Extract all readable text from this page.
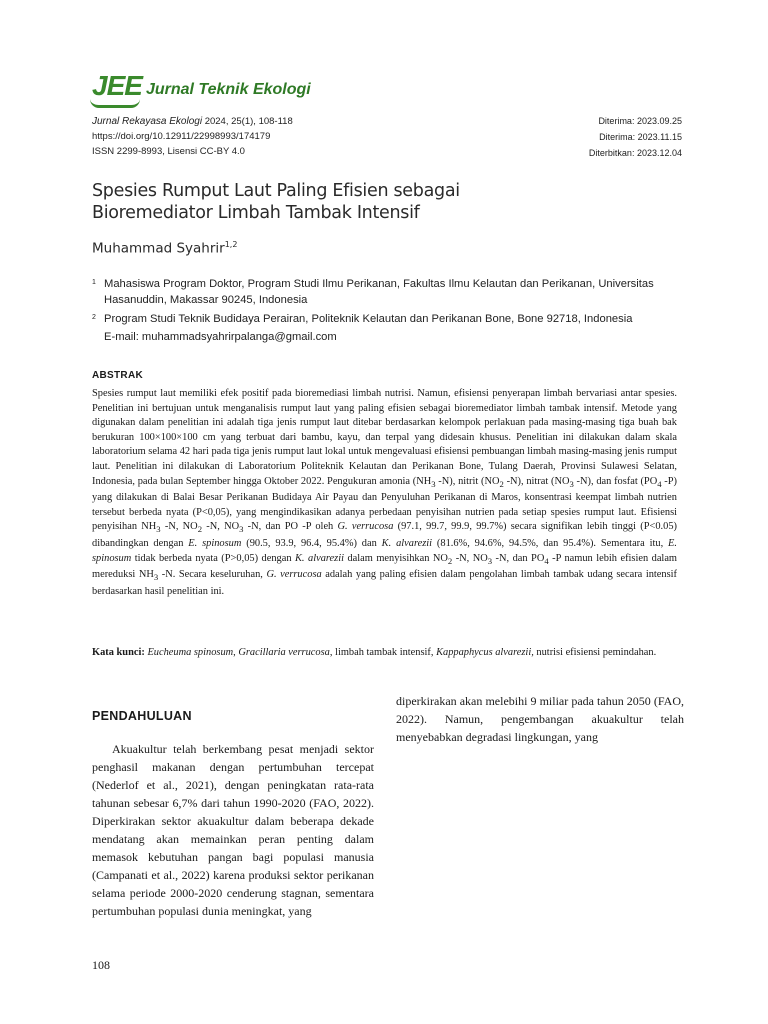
JEE Jurnal Teknik Ekologi
Jurnal Rekayasa Ekologi 2024, 25(1), 108-118
https://doi.org/10.12911/22998993/174179
ISSN 2299-8993, Lisensi CC-BY 4.0
Diterima: 2023.09.25
Diterima: 2023.11.15
Diterbitkan: 2023.12.04
Spesies Rumput Laut Paling Efisien sebagai
Bioremediator Limbah Tambak Intensif
Muhammad Syahrir$^{1,2}$
1 Mahasiswa Program Doktor, Program Studi Ilmu Perikanan, Fakultas Ilmu Kelautan dan Perikanan, Universitas Hasanuddin, Makassar 90245, Indonesia
2 Program Studi Teknik Budidaya Perairan, Politeknik Kelautan dan Perikanan Bone, Bone 92718, Indonesia
E-mail: muhammadsyahrirpalanga@gmail.com
ABSTRAK

Spesies rumput laut memiliki efek positif pada bioremediasi limbah nutrisi. Namun, efisiensi penyerapan limbah bervariasi antar spesies. Penelitian ini bertujuan untuk menganalisis rumput laut yang paling efisien sebagai bioremediator limbah tambak intensif. Metode yang digunakan dalam penelitian ini adalah tiga jenis rumput laut ditebar berdasarkan kelompok perlakuan pada masing-masing tiga buah bak berukuran 100×100×100 cm yang terbuat dari bambu, kayu, dan terpal yang didesain khusus. Penelitian ini dilakukan dalam skala laboratorium selama 42 hari pada tiga jenis rumput laut lokal untuk mengevaluasi efisiensi pembuangan limbah masing-masing jenis rumput laut. Penelitian ini dilakukan di Laboratorium Politeknik Kelautan dan Perikanan Bone, Tulang Daerah, Provinsi Sulawesi Selatan, Indonesia, pada bulan September hingga Oktober 2022. Pengukuran amonia ($NH_3$ -N), nitrit ($NO_2$ -N), nitrat ($NO_3$ -N), dan fosfat ($PO_4$ -P) yang dilakukan di Balai Besar Perikanan Budidaya Air Payau dan Penyuluhan Perikanan di Maros, konsentrasi keempat limbah nutrien tersebut berbeda nyata (P<0,05), yang mengindikasikan adanya perbedaan penyisihan nutrien pada setiap spesies rumput laut. Efisiensi penyisihan $NH_3$ -N, $NO_2$ -N, $NO_3$ -N, dan PO -P oleh G. verrucosa (97.1, 99.7, 99.9, 99.7%) secara signifikan lebih tinggi (P<0.05) dibandingkan dengan E. spinosum (90.5, 93.9, 96.4, 95.4%) dan K. alvarezii (81.6%, 94.6%, 94.5%, dan 95.4%). Sementara itu, E. spinosum tidak berbeda nyata (P>0,05) dengan K. alvarezii dalam menyisihkan $NO_2$ -N, $NO_3$ -N, dan $PO_4$ -P namun lebih efisien dalam mereduksi $NH_3$ -N. Secara keseluruhan, G. verrucosa adalah yang paling efisien dalam pengolahan limbah tambak udang secara intensif berdasarkan hasil penelitian ini.

Kata kunci: Eucheuma spinosum, Gracillaria verrucosa, limbah tambak intensif, Kappaphycus alvarezii, nutrisi efisiensi pemindahan.

PENDAHULUAN

Akuakultur telah berkembang pesat menjadi sektor penghasil makanan dengan pertumbuhan tercepat (Nederlof et al., 2021), dengan peningkatan rata-rata tahunan sebesar 6,7% dari tahun 1990-2020 (FAO, 2022). Diperkirakan sektor akuakultur dalam beberapa dekade mendatang akan memainkan peran penting dalam memasok kebutuhan pangan bagi populasi manusia (Campanati et al., 2022) karena produksi sektor perikanan selama periode 2000-2020 cenderung stagnan, sementara pertumbuhan populasi dunia meningkat, yang

diperkirakan akan melebihi 9 miliar pada tahun 2050 (FAO, 2022). Namun, pengembangan akuakultur telah menyebabkan degradasi lingkungan, yang

108
